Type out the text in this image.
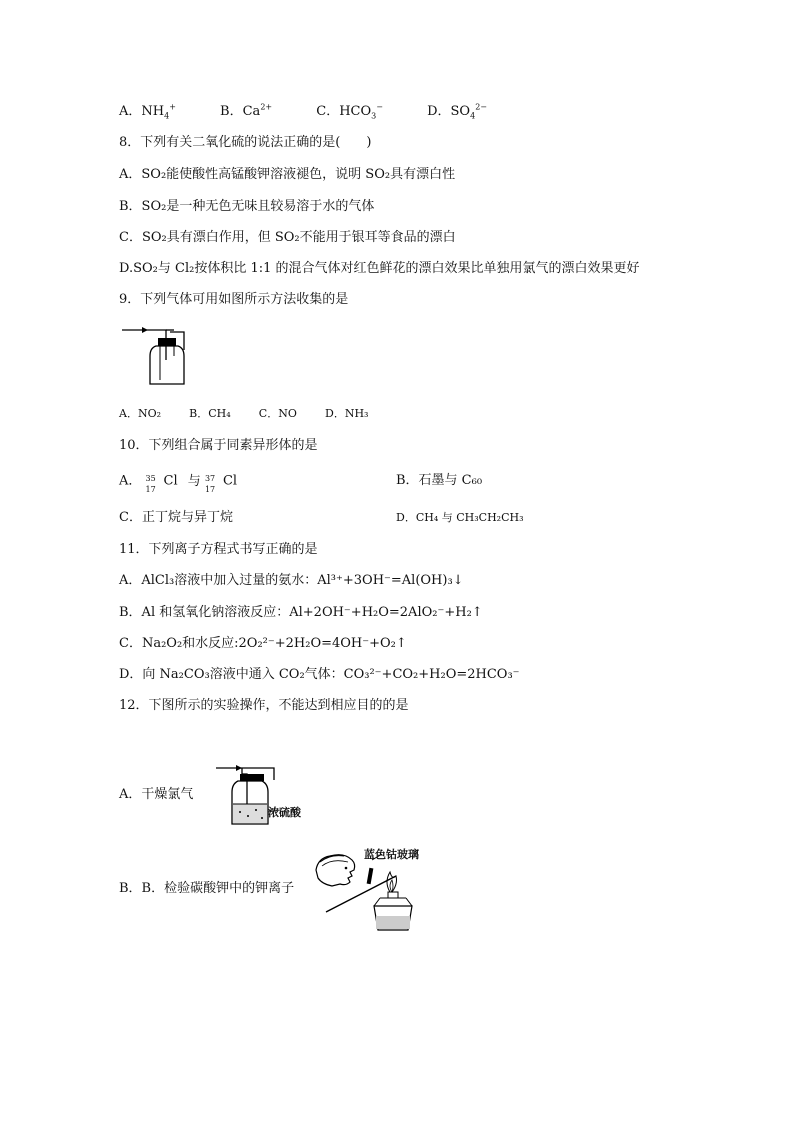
A．$NH_4^+$	B．$Ca^{2+}$	C．$HCO_3^-$	D．$SO_4^{2-}$
8．下列有关二氧化硫的说法正确的是(　　)
A．SO₂能使酸性高锰酸钾溶液褪色，说明 SO₂具有漂白性
B．SO₂是一种无色无味且较易溶于水的气体
C．SO₂具有漂白作用，但 SO₂不能用于银耳等食品的漂白
D.SO₂与 Cl₂按体积比 1:1 的混合气体对红色鲜花的漂白效果比单独用氯气的漂白效果更好
9．下列气体可用如图所示方法收集的是
A．NO₂	B．CH₄	C．NO	D．NH₃
10．下列组合属于同素异形体的是
A． 35
17
Cl 与 37
17
Cl	B．石墨与 C₆₀
C．正丁烷与异丁烷	D．CH₄ 与 CH₃CH₂CH₃
11．下列离子方程式书写正确的是
A．AlCl₃溶液中加入过量的氨水：Al³⁺+3OH⁻=Al(OH)₃↓
B．Al 和氢氧化钠溶液反应：Al+2OH⁻+H₂O=2AlO₂⁻+H₂↑
C．Na₂O₂和水反应:2O₂²⁻+2H₂O=4OH⁻+O₂↑
D．向 Na₂CO₃溶液中通入 CO₂气体：CO₃²⁻+CO₂+H₂O=2HCO₃⁻
12．下图所示的实验操作，不能达到相应目的的是
A．干燥氯气
浓硫酸
B．B．检验碳酸钾中的钾离子
蓝色钴玻璃
